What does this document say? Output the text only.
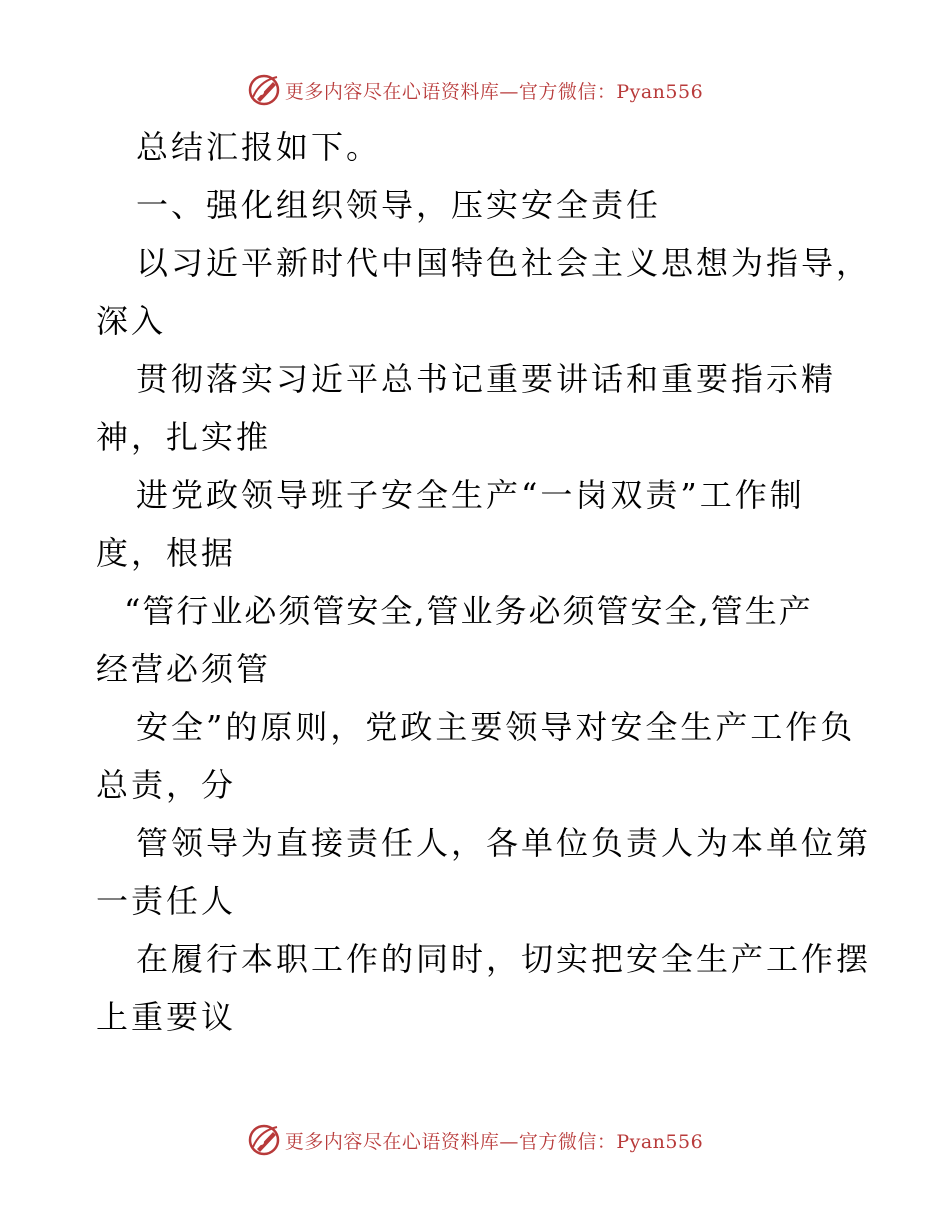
更多内容尽在心语资料库—官方微信：Pyan556
总结汇报如下。
一、强化组织领导，压实安全责任
以习近平新时代中国特色社会主义思想为指导，
深入
贯彻落实习近平总书记重要讲话和重要指示精
神，扎实推
进党政领导班子安全生产“一岗双责”工作制
度，根据
“管行业必须管安全,管业务必须管安全,管生产
经营必须管
安全”的原则，党政主要领导对安全生产工作负
总责，分
管领导为直接责任人，各单位负责人为本单位第
一责任人
在履行本职工作的同时，切实把安全生产工作摆
上重要议
更多内容尽在心语资料库—官方微信：Pyan556
